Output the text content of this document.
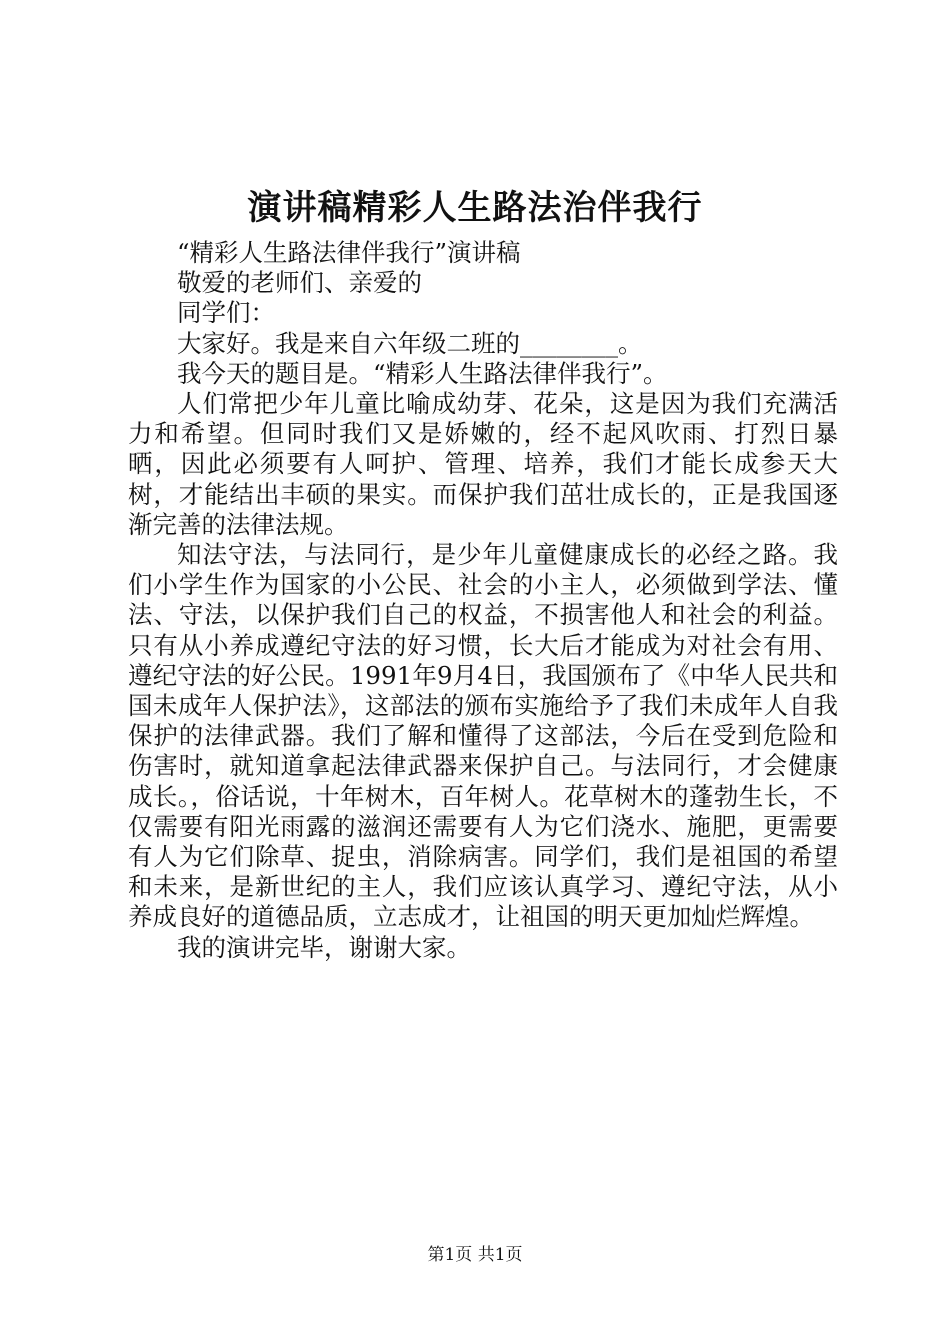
演讲稿精彩人生路法治伴我行
“精彩人生路法律伴我行”演讲稿
敬爱的老师们、亲爱的
同学们：
大家好。我是来自六年级二班的________。
我今天的题目是。“精彩人生路法律伴我行”。
人们常把少年儿童比喻成幼芽、花朵，这是因为我们充满活力和希望。但同时我们又是娇嫩的，经不起风吹雨、打烈日暴晒，因此必须要有人呵护、管理、培养，我们才能长成参天大树，才能结出丰硕的果实。而保护我们茁壮成长的，正是我国逐渐完善的法律法规。
知法守法，与法同行，是少年儿童健康成长的必经之路。我们小学生作为国家的小公民、社会的小主人，必须做到学法、懂法、守法，以保护我们自己的权益，不损害他人和社会的利益。只有从小养成遵纪守法的好习惯，长大后才能成为对社会有用、遵纪守法的好公民。1991年9月4日，我国颁布了《中华人民共和国未成年人保护法》，这部法的颁布实施给予了我们未成年人自我保护的法律武器。我们了解和懂得了这部法，今后在受到危险和伤害时，就知道拿起法律武器来保护自己。与法同行，才会健康成长。，俗话说，十年树木，百年树人。花草树木的蓬勃生长，不仅需要有阳光雨露的滋润还需要有人为它们浇水、施肥，更需要有人为它们除草、捉虫，消除病害。同学们，我们是祖国的希望和未来，是新世纪的主人，我们应该认真学习、遵纪守法，从小养成良好的道德品质，立志成才，让祖国的明天更加灿烂辉煌。
我的演讲完毕，谢谢大家。
第1页 共1页
